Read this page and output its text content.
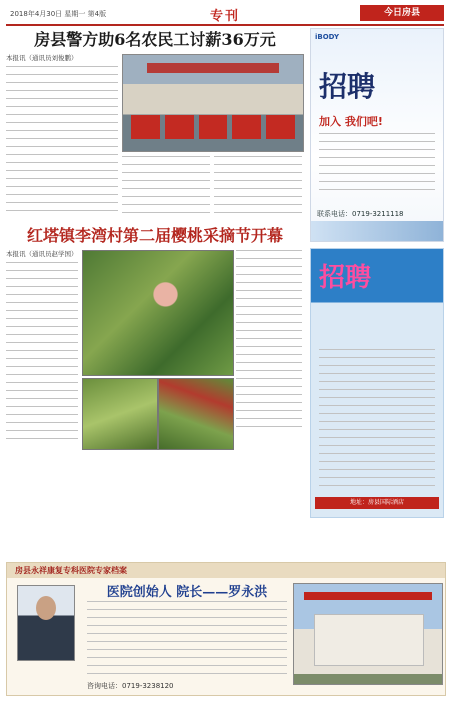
2018年4月30日 星期一 第4版	专刊	今日房县
房县警方助6名农民工讨薪36万元

本报讯（通讯员刘俊鹏）

红塔镇李湾村第二届樱桃采摘节开幕

本报讯（通讯员赵学国）

iBODY
招聘
加入 我们吧!
联系电话：0719-3211118
招聘
地址：房县国际酒店
房县永祥康复专科医院专家档案
医院创始人 院长——罗永洪
咨询电话：0719-3238120
